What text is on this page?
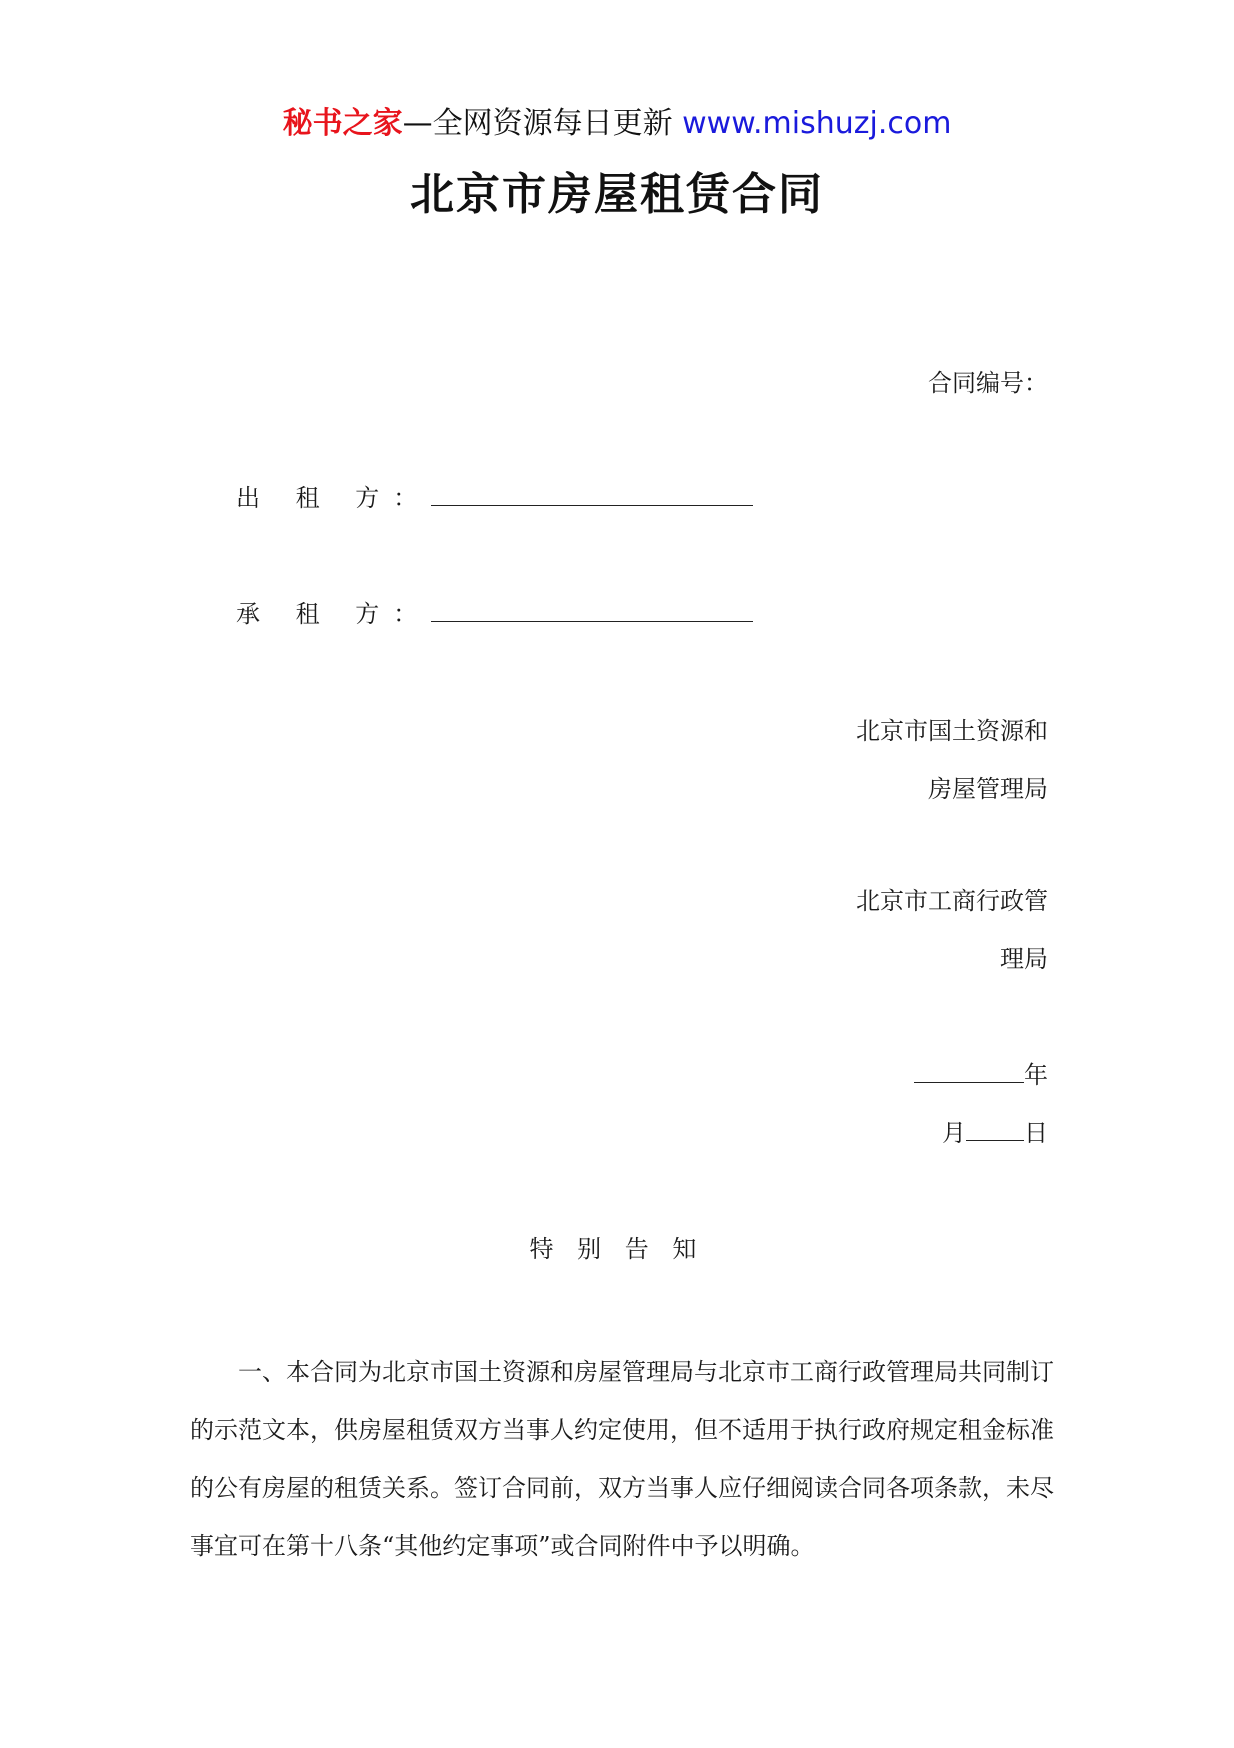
秘书之家—全网资源每日更新 www.mishuzj.com
北京市房屋租赁合同
合同编号：
出 租 方：
承 租 方：
北京市国土资源和
房屋管理局
北京市工商行政管
理局
年
月 日
特 别 告 知
一、本合同为北京市国土资源和房屋管理局与北京市工商行政管理局共同制订的示范文本，供房屋租赁双方当事人约定使用，但不适用于执行政府规定租金标准的公有房屋的租赁关系。签订合同前，双方当事人应仔细阅读合同各项条款，未尽事宜可在第十八条“其他约定事项”或合同附件中予以明确。
